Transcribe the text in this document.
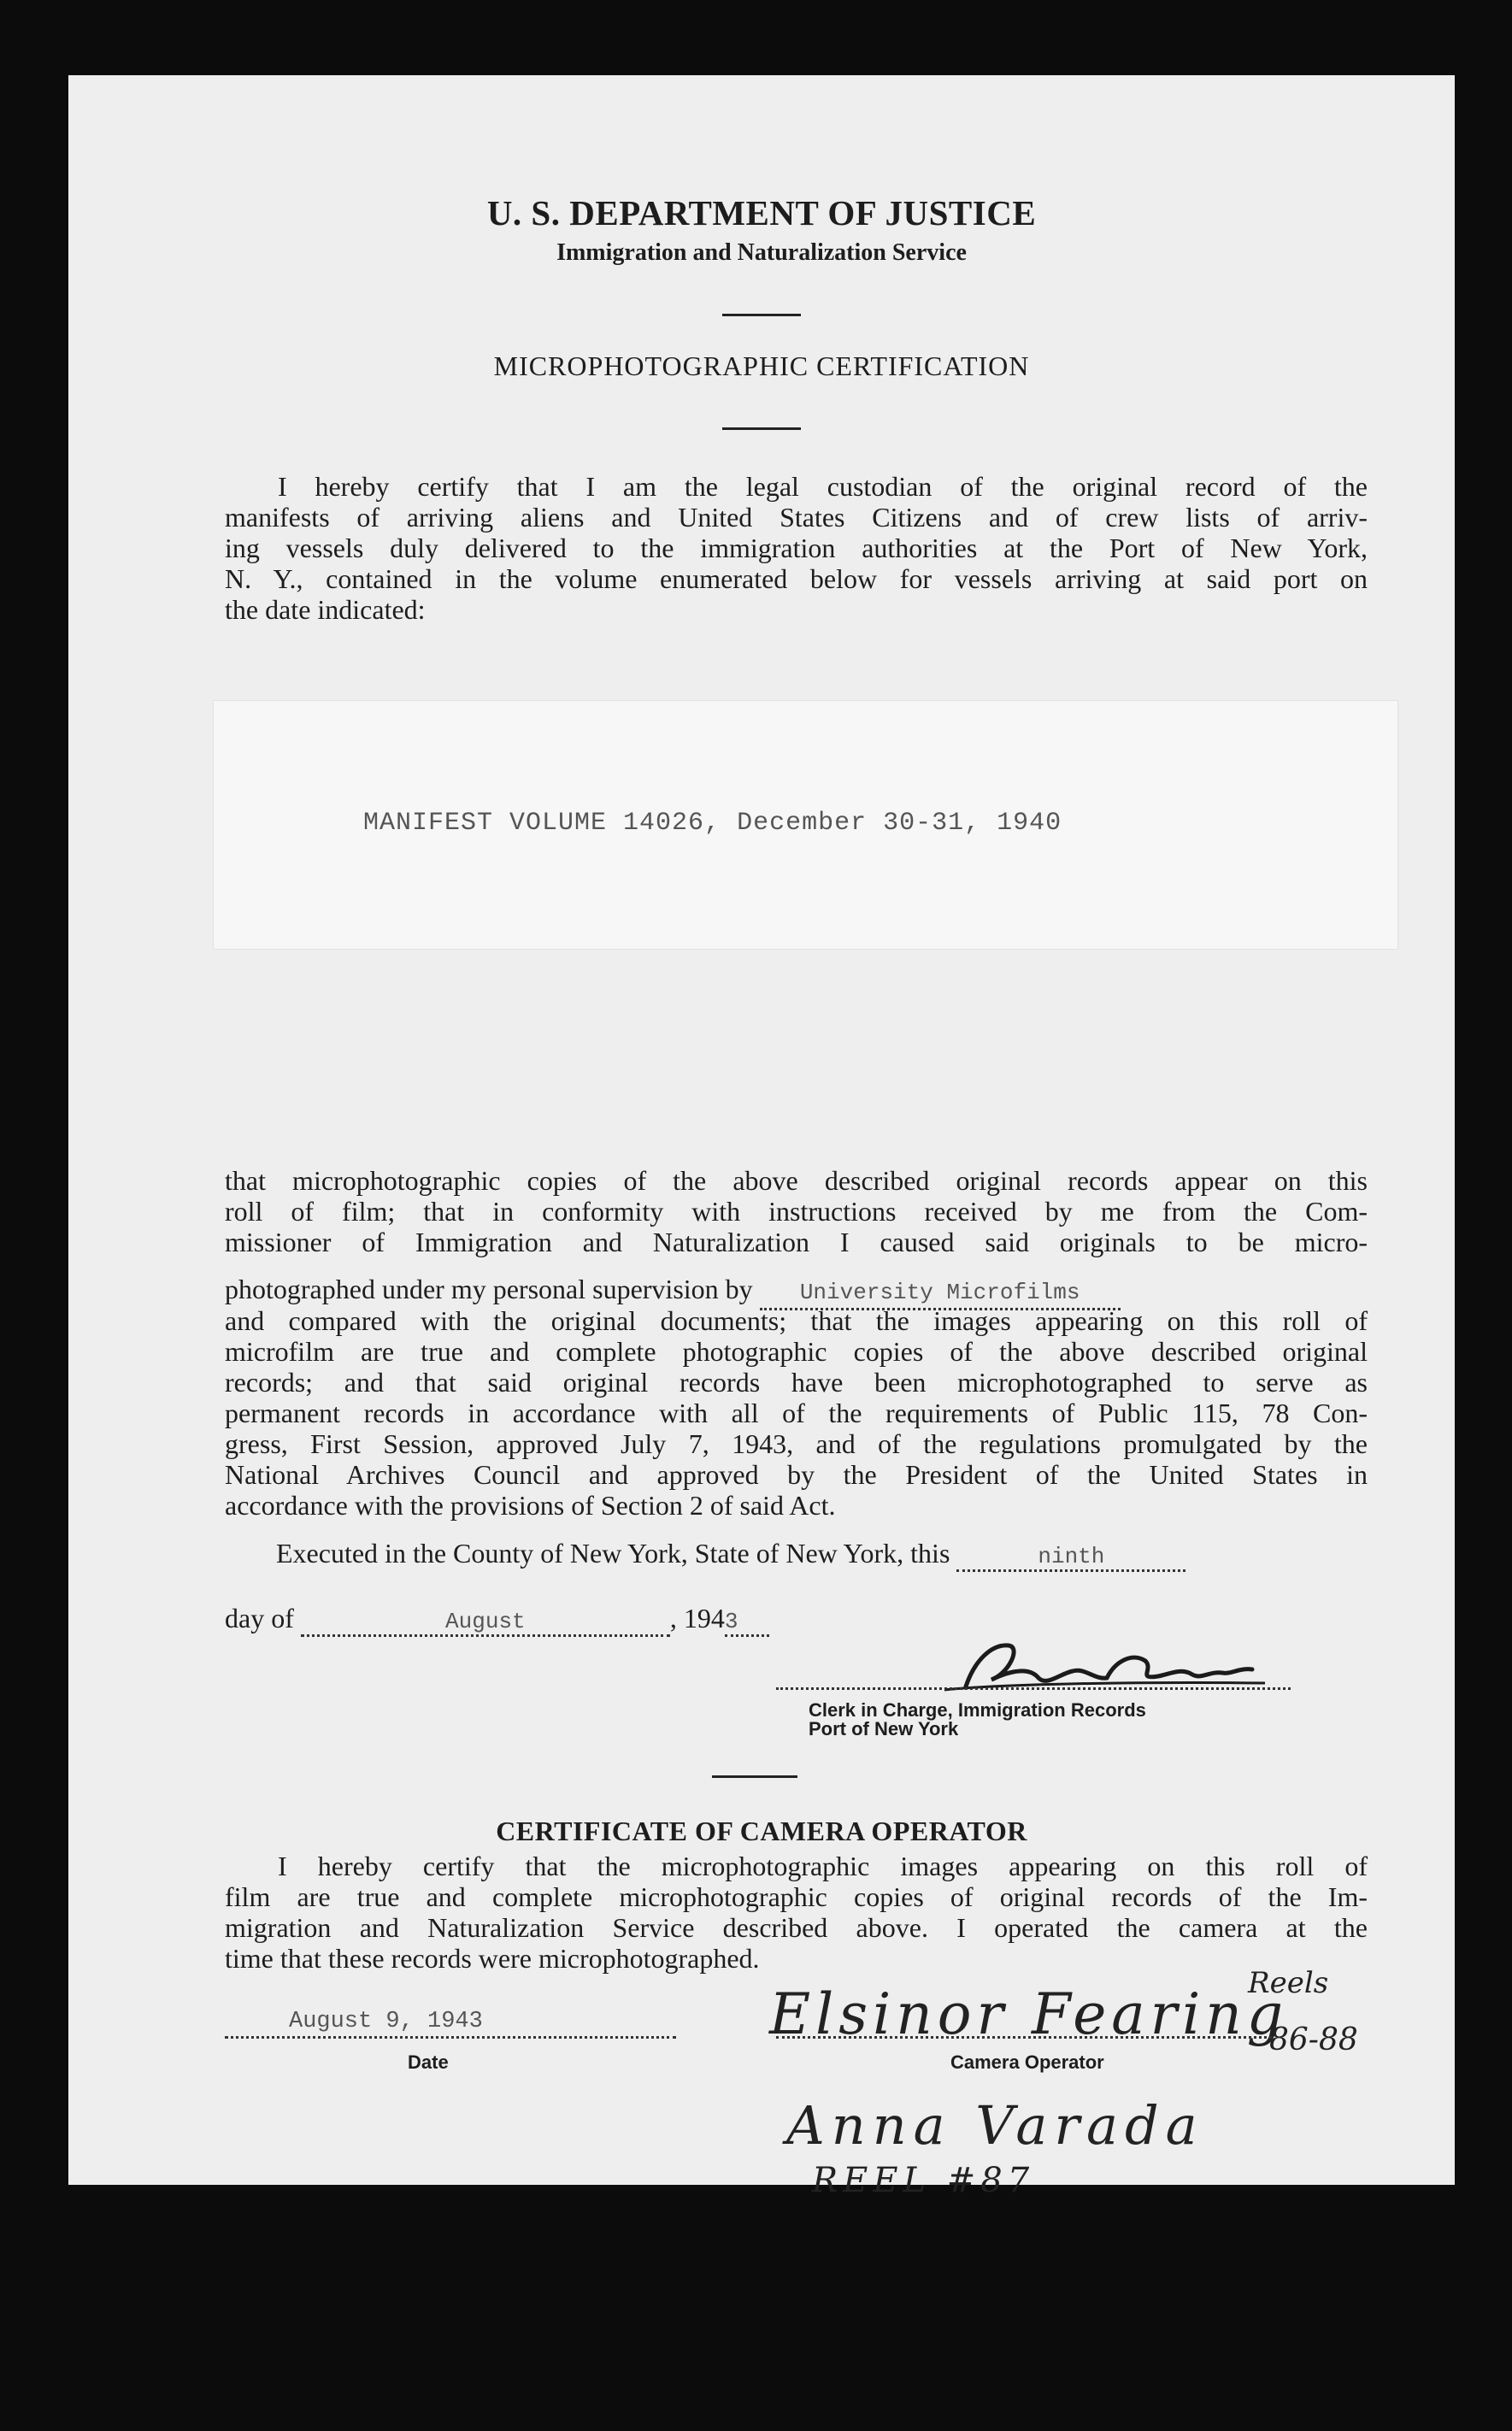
U. S. DEPARTMENT OF JUSTICE
Immigration and Naturalization Service
MICROPHOTOGRAPHIC CERTIFICATION
I hereby certify that I am the legal custodian of the original record of the
manifests of arriving aliens and United States Citizens and of crew lists of arriv-
ing vessels duly delivered to the immigration authorities at the Port of New York,
N. Y., contained in the volume enumerated below for vessels arriving at said port on
the date indicated:
MANIFEST VOLUME 14026, December 30-31, 1940
that microphotographic copies of the above described original records appear on this
roll of film; that in conformity with instructions received by me from the Com-
missioner of Immigration and Naturalization I caused said originals to be micro-
photographed under my personal supervision by University Microfilms
and compared with the original documents; that the images appearing on this roll of
microfilm are true and complete photographic copies of the above described original
records; and that said original records have been microphotographed to serve as
permanent records in accordance with all of the requirements of Public 115, 78 Con-
gress, First Session, approved July 7, 1943, and of the regulations promulgated by the
National Archives Council and approved by the President of the United States in
accordance with the provisions of Section 2 of said Act.
Executed in the County of New York, State of New York, this	ninth
day of	August	, 1943
Clerk in Charge, Immigration Records
Port of New York
CERTIFICATE OF CAMERA OPERATOR
I hereby certify that the microphotographic images appearing on this roll of
film are true and complete microphotographic copies of original records of the Im-
migration and Naturalization Service described above. I operated the camera at the
time that these records were microphotographed.
August 9, 1943
Date
Elsinor Fearing
Reels
86-88
Camera Operator
Anna Varada
REEL #87
